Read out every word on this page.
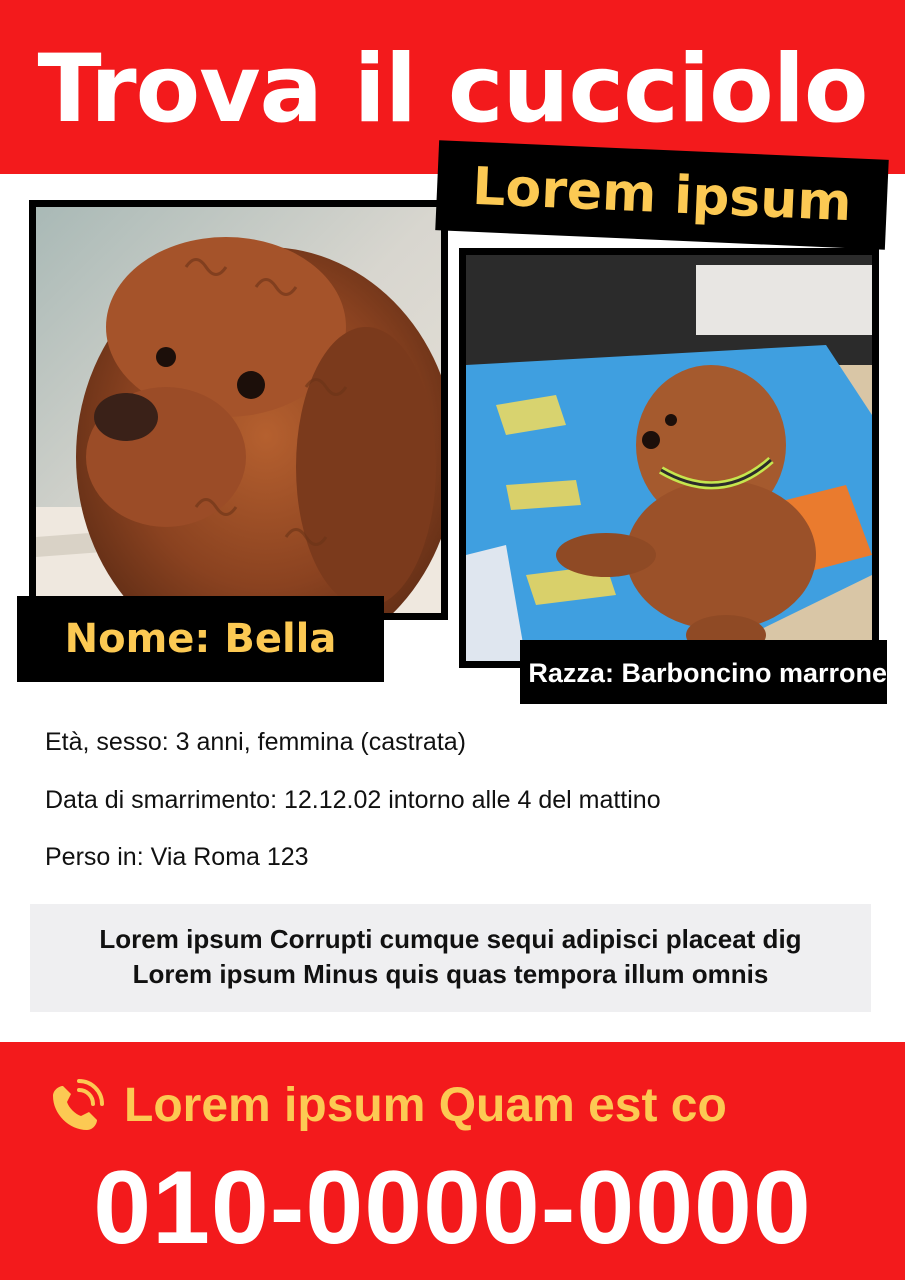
Trova il cucciolo
Lorem ipsum
Nome: Bella
Razza: Barboncino marrone
Età, sesso: 3 anni, femmina (castrata)
Data di smarrimento: 12.12.02 intorno alle 4 del mattino
Perso in: Via Roma 123
Lorem ipsum Corrupti cumque sequi adipisci placeat dig
Lorem ipsum Minus quis quas tempora illum omnis
Lorem ipsum Quam est co
010-0000-0000
